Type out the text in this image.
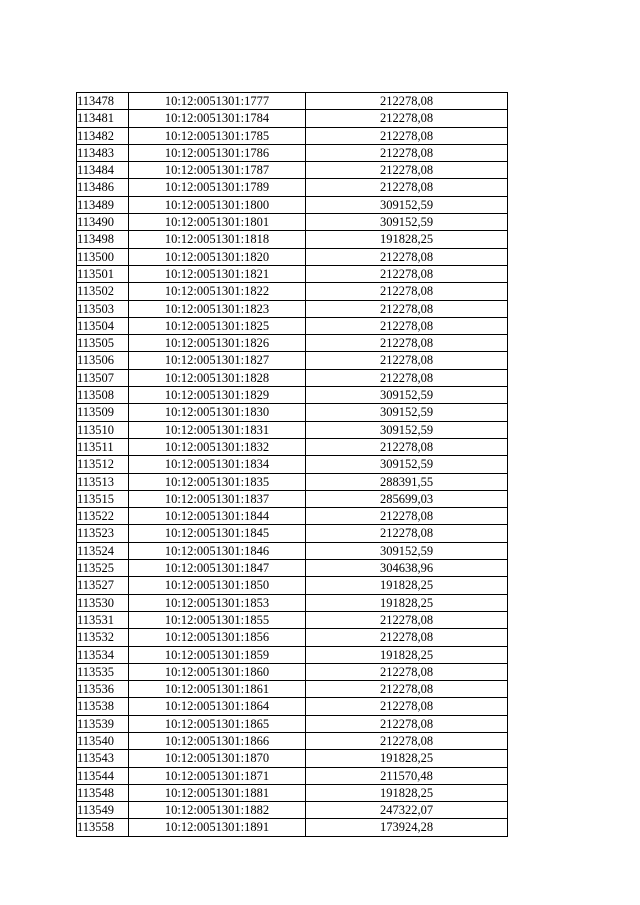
113478	10:12:0051301:1777	212278,08
113481	10:12:0051301:1784	212278,08
113482	10:12:0051301:1785	212278,08
113483	10:12:0051301:1786	212278,08
113484	10:12:0051301:1787	212278,08
113486	10:12:0051301:1789	212278,08
113489	10:12:0051301:1800	309152,59
113490	10:12:0051301:1801	309152,59
113498	10:12:0051301:1818	191828,25
113500	10:12:0051301:1820	212278,08
113501	10:12:0051301:1821	212278,08
113502	10:12:0051301:1822	212278,08
113503	10:12:0051301:1823	212278,08
113504	10:12:0051301:1825	212278,08
113505	10:12:0051301:1826	212278,08
113506	10:12:0051301:1827	212278,08
113507	10:12:0051301:1828	212278,08
113508	10:12:0051301:1829	309152,59
113509	10:12:0051301:1830	309152,59
113510	10:12:0051301:1831	309152,59
113511	10:12:0051301:1832	212278,08
113512	10:12:0051301:1834	309152,59
113513	10:12:0051301:1835	288391,55
113515	10:12:0051301:1837	285699,03
113522	10:12:0051301:1844	212278,08
113523	10:12:0051301:1845	212278,08
113524	10:12:0051301:1846	309152,59
113525	10:12:0051301:1847	304638,96
113527	10:12:0051301:1850	191828,25
113530	10:12:0051301:1853	191828,25
113531	10:12:0051301:1855	212278,08
113532	10:12:0051301:1856	212278,08
113534	10:12:0051301:1859	191828,25
113535	10:12:0051301:1860	212278,08
113536	10:12:0051301:1861	212278,08
113538	10:12:0051301:1864	212278,08
113539	10:12:0051301:1865	212278,08
113540	10:12:0051301:1866	212278,08
113543	10:12:0051301:1870	191828,25
113544	10:12:0051301:1871	211570,48
113548	10:12:0051301:1881	191828,25
113549	10:12:0051301:1882	247322,07
113558	10:12:0051301:1891	173924,28
